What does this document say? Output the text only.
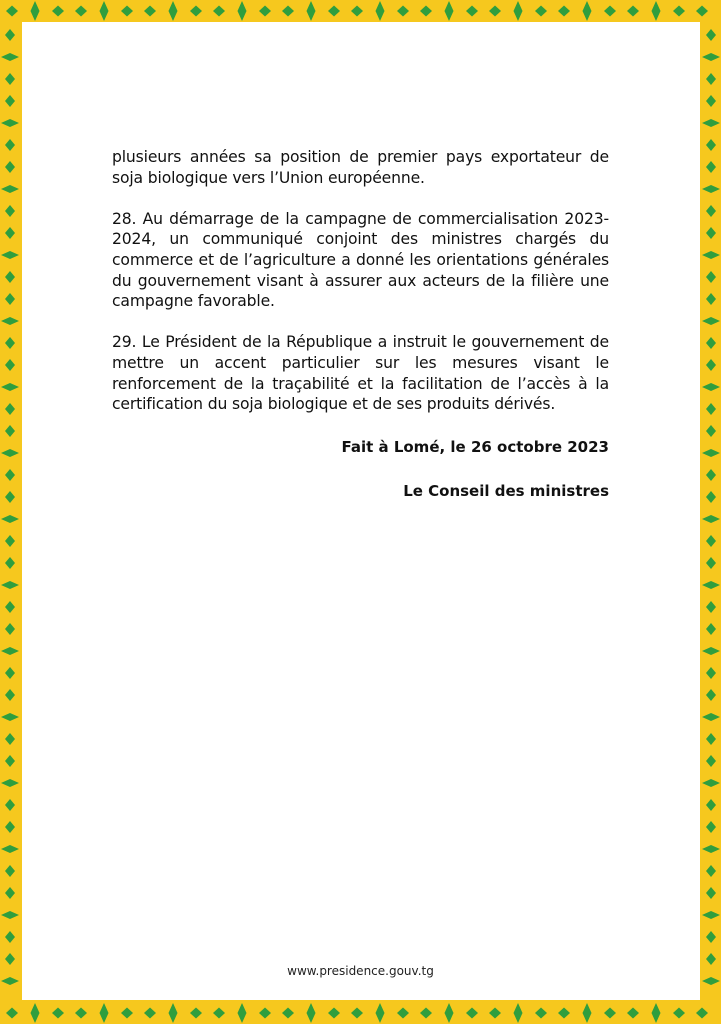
plusieurs années sa position de premier pays exportateur de soja biologique vers l’Union européenne.

28. Au démarrage de la campagne de commercialisation 2023-2024, un communiqué conjoint des ministres chargés du commerce et de l’agriculture a donné les orientations générales du gouvernement visant à assurer aux acteurs de la filière une campagne favorable.

29. Le Président de la République a instruit le gouvernement de mettre un accent particulier sur les mesures visant le renforcement de la traçabilité et la facilitation de l’accès à la certification du soja biologique et de ses produits dérivés.

Fait à Lomé, le 26 octobre 2023
Le Conseil des ministres
www.presidence.gouv.tg
